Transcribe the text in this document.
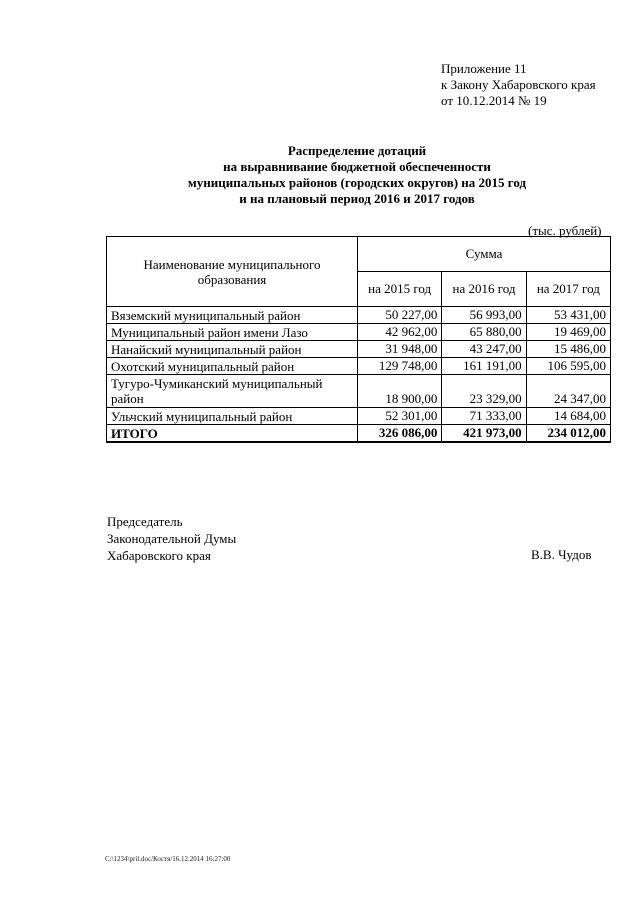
Приложение 11
к Закону Хабаровского края
от 10.12.2014 № 19
Распределение дотаций
на выравнивание бюджетной обеспеченности
муниципальных районов (городских округов) на 2015 год
и на плановый период 2016 и 2017 годов
(тыс. рублей)
Наименование муниципального образования	Сумма		
	на 2015 год	на 2016 год	на 2017 год
Вяземский муниципальный район	50 227,00	56 993,00	53 431,00
Муниципальный район имени Лазо	42 962,00	65 880,00	19 469,00
Нанайский муниципальный район	31 948,00	43 247,00	15 486,00
Охотский муниципальный район	129 748,00	161 191,00	106 595,00
Тугуро-Чумиканский муниципальный район	18 900,00	23 329,00	24 347,00
Ульчский муниципальный район	52 301,00	71 333,00	14 684,00
ИТОГО	326 086,00	421 973,00	234 012,00
Председатель
Законодательной Думы
Хабаровского края	В.В. Чудов
C:\1234\pril.doc/Костя/16.12.2014 16:27:00
